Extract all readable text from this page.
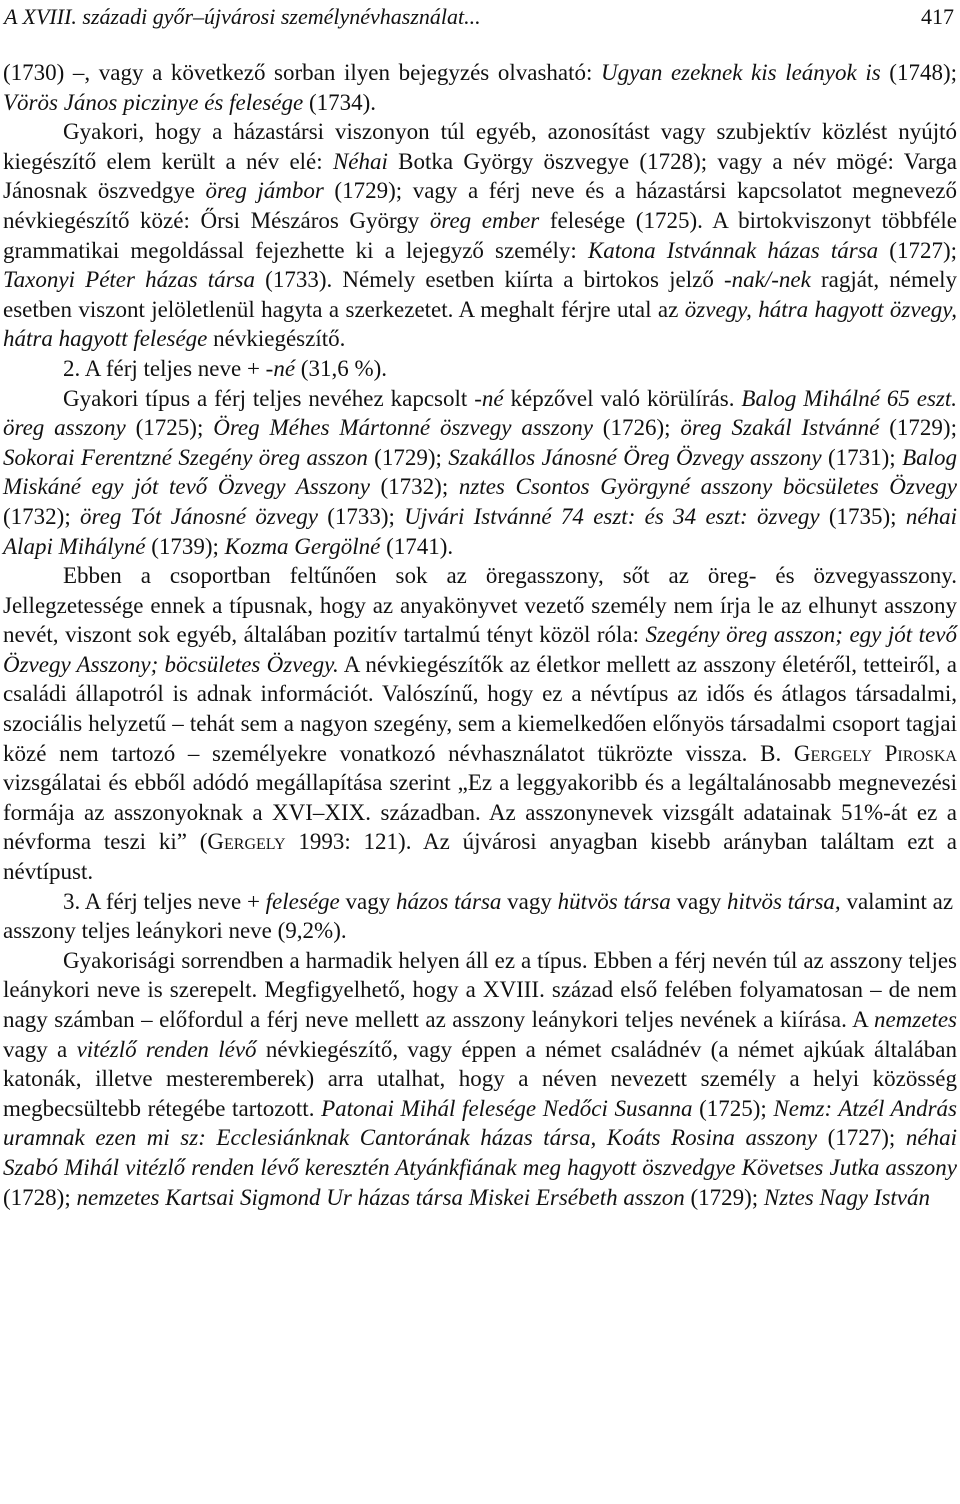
A XVIII. századi győr–újvárosi személynévhasználat...	417

(1730) –, vagy a következő sorban ilyen bejegyzés olvasható: Ugyan ezeknek kis leányok is (1748); Vörös János piczinye és felesége (1734).

Gyakori, hogy a házastársi viszonyon túl egyéb, azonosítást vagy szubjektív közlést nyújtó kiegészítő elem került a név elé: Néhai Botka György öszvegye (1728); vagy a név mögé: Varga Jánosnak öszvedgye öreg jámbor (1729); vagy a férj neve és a házastársi kapcsolatot megnevező névkiegészítő közé: Őrsi Mészáros György öreg ember felesége (1725). A birtokviszonyt többféle grammatikai megoldással fejezhette ki a lejegyző személy: Katona Istvánnak házas társa (1727); Taxonyi Péter házas társa (1733). Némely esetben kiírta a birtokos jelző -nak/-nek ragját, némely esetben viszont jelöletlenül hagyta a szerkezetet. A meghalt férjre utal az özvegy, hátra hagyott özvegy, hátra hagyott felesége névkiegészítő.

2. A férj teljes neve + -né (31,6 %).

Gyakori típus a férj teljes nevéhez kapcsolt -né képzővel való körülírás. Balog Mihálné 65 eszt. öreg asszony (1725); Öreg Méhes Mártonné öszvegy asszony (1726); öreg Szakál Istvánné (1729); Sokorai Ferentzné Szegény öreg asszon (1729); Szakállos Jánosné Öreg Özvegy asszony (1731); Balog Miskáné egy jót tevő Özvegy Asszony (1732); nztes Csontos Györgyné asszony böcsületes Özvegy (1732); öreg Tót Jánosné özvegy (1733); Ujvári Istvánné 74 eszt: és 34 eszt: özvegy (1735); néhai Alapi Mihályné (1739); Kozma Gergölné (1741).

Ebben a csoportban feltűnően sok az öregasszony, sőt az öreg- és özvegyasszony. Jellegzetessége ennek a típusnak, hogy az anyakönyvet vezető személy nem írja le az elhunyt asszony nevét, viszont sok egyéb, általában pozitív tartalmú tényt közöl róla: Szegény öreg asszon; egy jót tevő Özvegy Asszony; böcsületes Özvegy. A névkiegészítők az életkor mellett az asszony életéről, tetteiről, a családi állapotról is adnak információt. Valószínű, hogy ez a névtípus az idős és átlagos társadalmi, szociális helyzetű – tehát sem a nagyon szegény, sem a kiemelkedően előnyös társadalmi csoport tagjai közé nem tartozó – személyekre vonatkozó névhasználatot tükrözte vissza. B. Gergely Piroska vizsgálatai és ebből adódó megállapítása szerint „Ez a leggyakoribb és a legáltalánosabb megnevezési formája az asszonyoknak a XVI–XIX. században. Az asszonynevek vizsgált adatainak 51%-át ez a névforma teszi ki” (Gergely 1993: 121). Az újvárosi anyagban kisebb arányban találtam ezt a névtípust.

3. A férj teljes neve + felesége vagy házos társa vagy hütvös társa vagy hitvös társa, valamint az asszony teljes leánykori neve (9,2%).

Gyakorisági sorrendben a harmadik helyen áll ez a típus. Ebben a férj nevén túl az asszony teljes leánykori neve is szerepelt. Megfigyelhető, hogy a XVIII. század első felében folyamatosan – de nem nagy számban – előfordul a férj neve mellett az asszony leánykori teljes nevének a kiírása. A nemzetes vagy a vitézlő renden lévő névkiegészítő, vagy éppen a német családnév (a német ajkúak általában katonák, illetve mesteremberek) arra utalhat, hogy a néven nevezett személy a helyi közösség megbecsültebb rétegébe tartozott. Patonai Mihál felesége Nedőci Susanna (1725); Nemz: Atzél András uramnak ezen mi sz: Ecclesiánknak Cantorának házas társa, Koáts Rosina asszony (1727); néhai Szabó Mihál vitézlő renden lévő keresztén Atyánkfiának meg hagyott öszvedgye Követses Jutka asszony (1728); nemzetes Kartsai Sigmond Ur házas társa Miskei Ersébeth asszon (1729); Nztes Nagy István
